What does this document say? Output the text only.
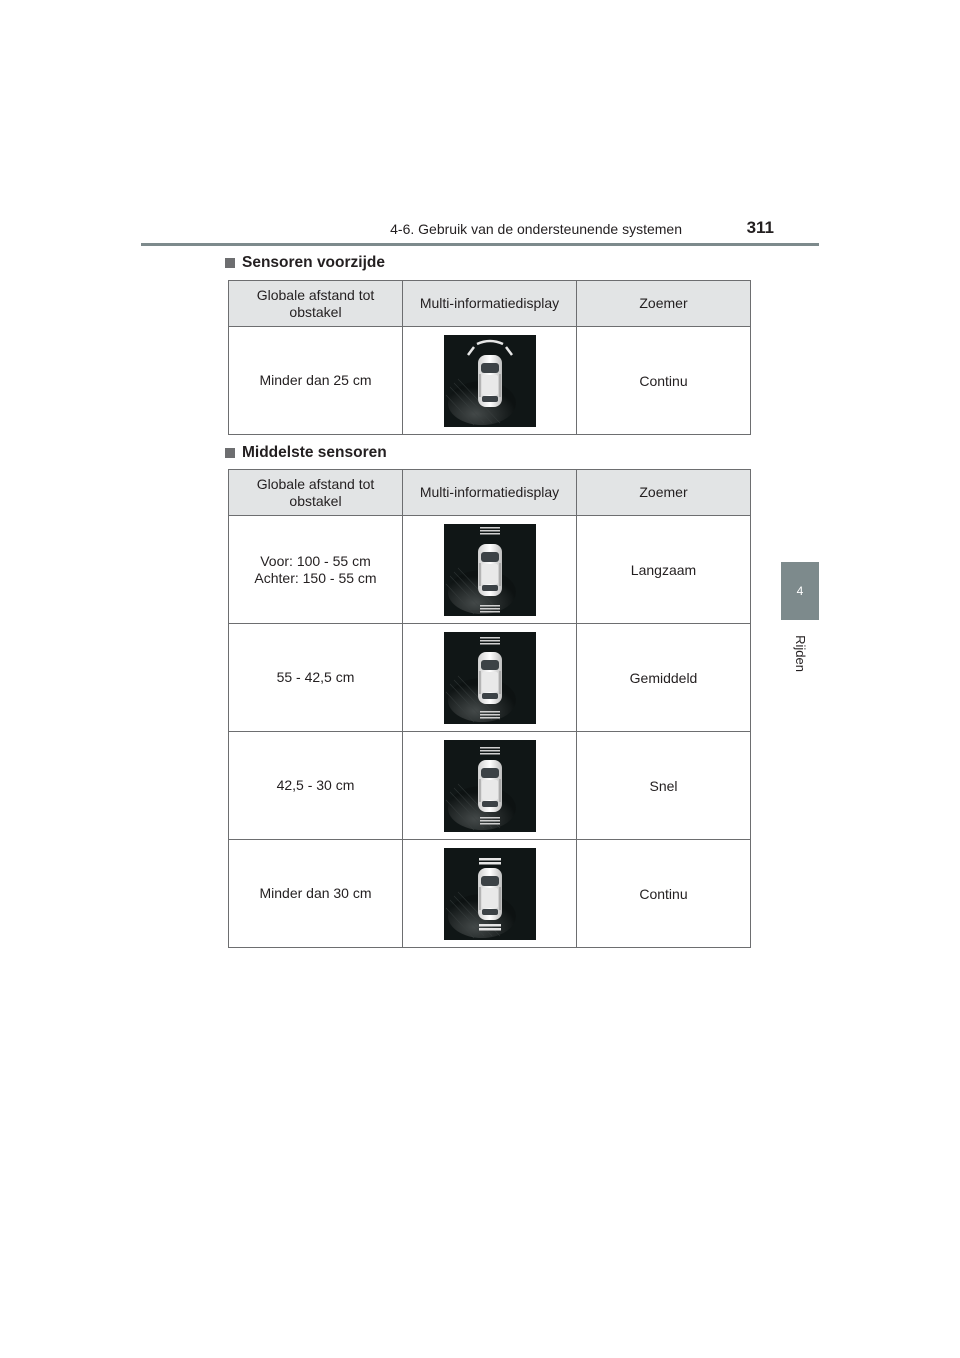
4-6. Gebruik van de ondersteunende systemen	311
4
Rijden
Sensoren voorzijde
Globale afstand tot obstakel	Multi-informatiedisplay	Zoemer
Minder dan 25 cm		Continu
Middelste sensoren
Globale afstand tot obstakel	Multi-informatiedisplay	Zoemer
Voor: 100 - 55 cm
Achter: 150 - 55 cm		Langzaam
55 - 42,5 cm		Gemiddeld
42,5 - 30 cm		Snel
Minder dan 30 cm		Continu
